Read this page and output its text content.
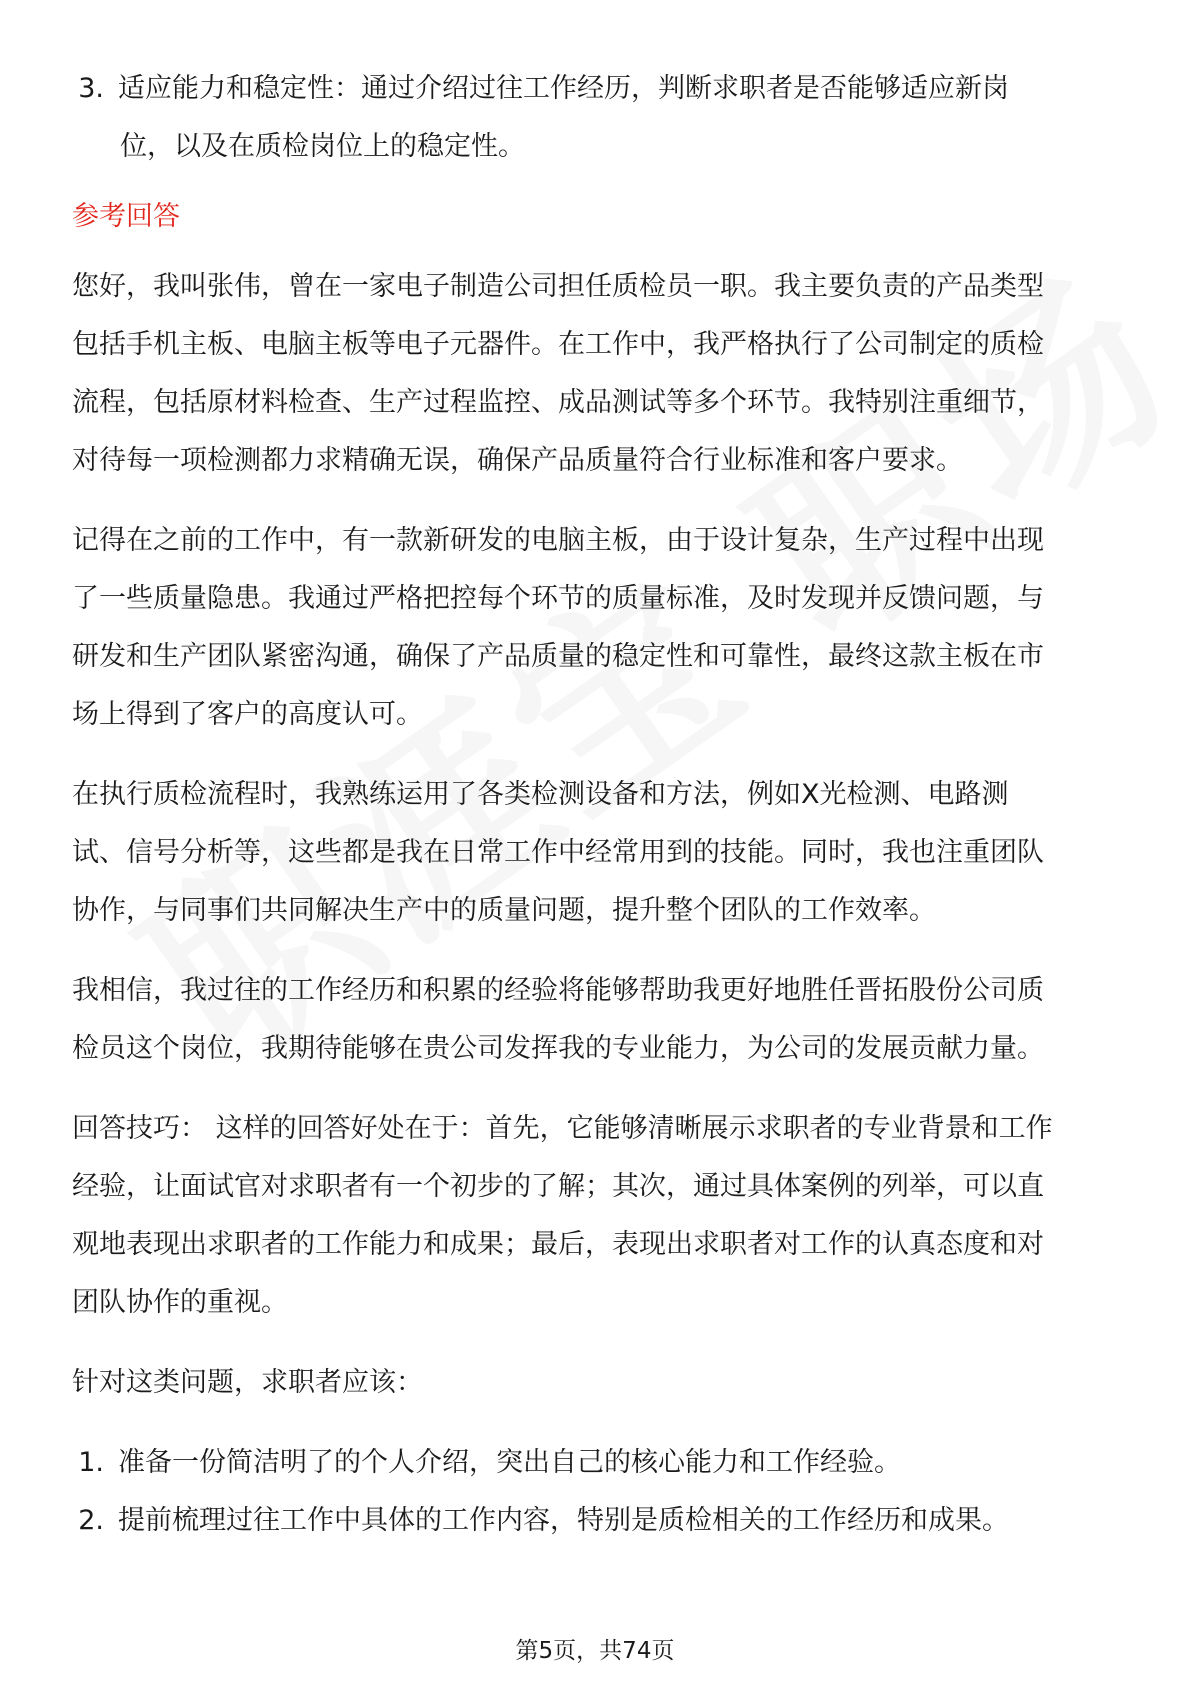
3. 适应能力和稳定性：通过介绍过往工作经历，判断求职者是否能够适应新岗

位，以及在质检岗位上的稳定性。

参考回答

您好，我叫张伟，曾在一家电子制造公司担任质检员一职。我主要负责的产品类型

包括手机主板、电脑主板等电子元器件。在工作中，我严格执行了公司制定的质检

流程，包括原材料检查、生产过程监控、成品测试等多个环节。我特别注重细节，

对待每一项检测都力求精确无误，确保产品质量符合行业标准和客户要求。

记得在之前的工作中，有一款新研发的电脑主板，由于设计复杂，生产过程中出现

了一些质量隐患。我通过严格把控每个环节的质量标准，及时发现并反馈问题，与

研发和生产团队紧密沟通，确保了产品质量的稳定性和可靠性，最终这款主板在市

场上得到了客户的高度认可。

在执行质检流程时，我熟练运用了各类检测设备和方法，例如X光检测、电路测

试、信号分析等，这些都是我在日常工作中经常用到的技能。同时，我也注重团队

协作，与同事们共同解决生产中的质量问题，提升整个团队的工作效率。

我相信，我过往的工作经历和积累的经验将能够帮助我更好地胜任晋拓股份公司质

检员这个岗位，我期待能够在贵公司发挥我的专业能力，为公司的发展贡献力量。

回答技巧： 这样的回答好处在于：首先，它能够清晰展示求职者的专业背景和工作

经验，让面试官对求职者有一个初步的了解；其次，通过具体案例的列举，可以直

观地表现出求职者的工作能力和成果；最后，表现出求职者对工作的认真态度和对

团队协作的重视。

针对这类问题，求职者应该：

1. 准备一份简洁明了的个人介绍，突出自己的核心能力和工作经验。
2. 提前梳理过往工作中具体的工作内容，特别是质检相关的工作经历和成果。
第5页，共74页
